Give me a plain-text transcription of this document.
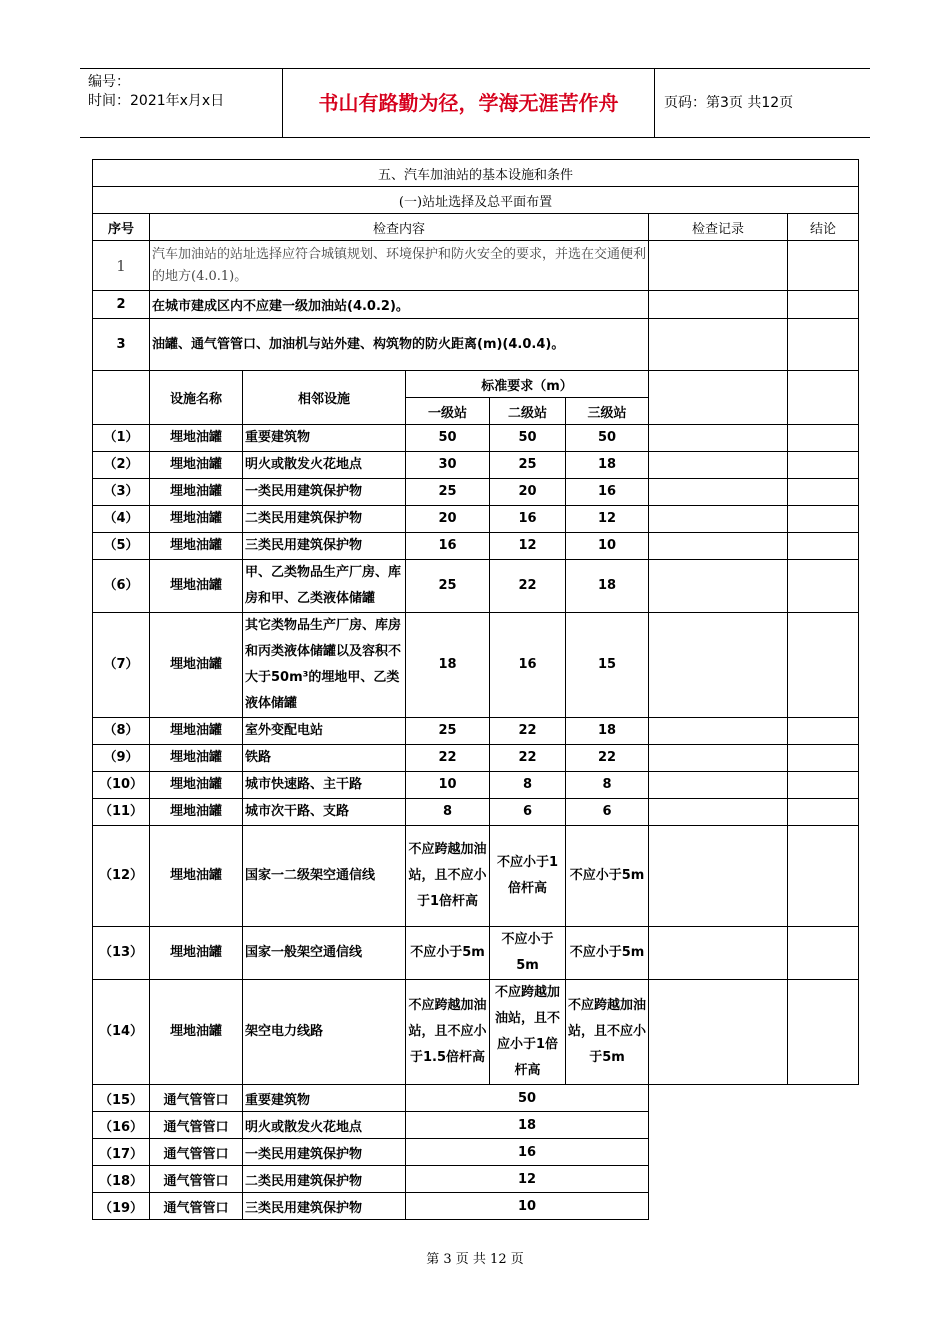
编号：
时间：2021年x月x日	书山有路勤为径，学海无涯苦作舟	页码：第3页 共12页
五、汽车加油站的基本设施和条件							
(一)站址选择及总平面布置							
序号	检查内容					检查记录	结论
1	汽车加油站的站址选择应符合城镇规划、环境保护和防火安全的要求，并选在交通便利的地方(4.0.1)。						
2	在城市建成区内不应建一级加油站(4.0.2)。						
3	油罐、通气管管口、加油机与站外建、构筑物的防火距离(m)(4.0.4)。						
	设施名称	相邻设施	标准要求（m）				
			一级站	二级站	三级站		
（1）	埋地油罐	重要建筑物	50	50	50		
（2）	埋地油罐	明火或散发火花地点	30	25	18		
（3）	埋地油罐	一类民用建筑保护物	25	20	16		
（4）	埋地油罐	二类民用建筑保护物	20	16	12		
（5）	埋地油罐	三类民用建筑保护物	16	12	10		
（6）	埋地油罐	甲、乙类物品生产厂房、库房和甲、乙类液体储罐	25	22	18		
（7）	埋地油罐	其它类物品生产厂房、库房和丙类液体储罐以及容积不大于50m³的埋地甲、乙类液体储罐	18	16	15		
（8）	埋地油罐	室外变配电站	25	22	18		
（9）	埋地油罐	铁路	22	22	22		
（10）	埋地油罐	城市快速路、主干路	10	8	8		
（11）	埋地油罐	城市次干路、支路	8	6	6		
（12）	埋地油罐	国家一二级架空通信线	不应跨越加油站，且不应小于1倍杆高	不应小于1倍杆高	不应小于5m		
（13）	埋地油罐	国家一般架空通信线	不应小于5m	不应小于5m	不应小于5m		
（14）	埋地油罐	架空电力线路	不应跨越加油站，且不应小于1.5倍杆高	不应跨越加油站，且不应小于1倍杆高	不应跨越加油站，且不应小于5m		
（15）	通气管管口	重要建筑物	50				
（16）	通气管管口	明火或散发火花地点	18				
（17）	通气管管口	一类民用建筑保护物	16				
（18）	通气管管口	二类民用建筑保护物	12				
（19）	通气管管口	三类民用建筑保护物	10				
第 3 页 共 12 页
